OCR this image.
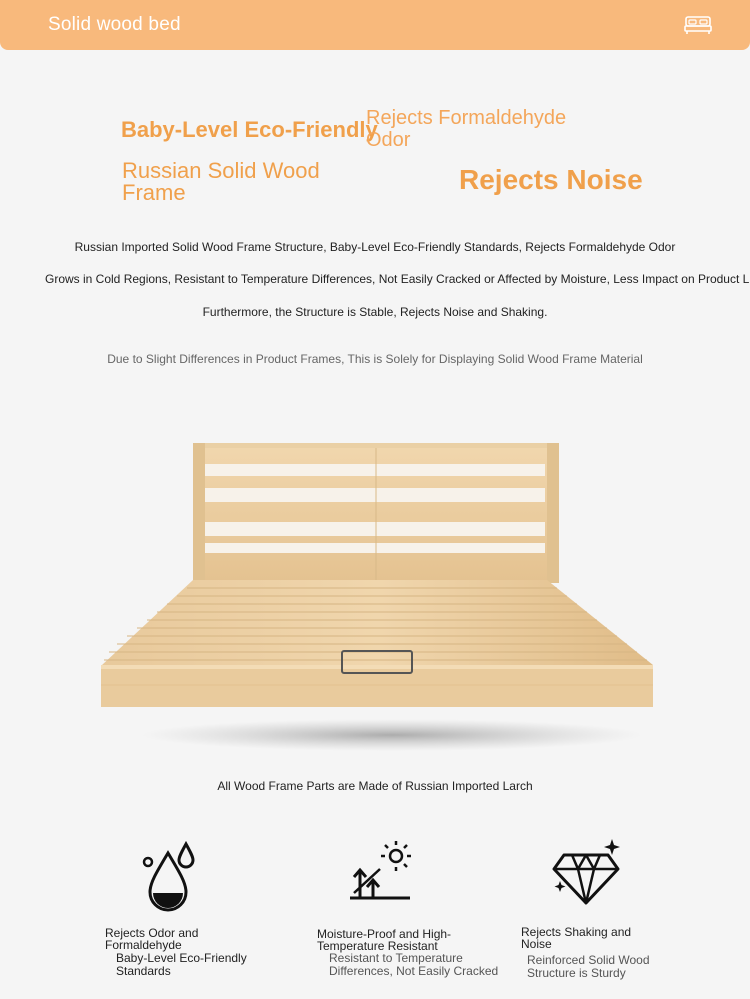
Solid wood bed
Baby-Level Eco-Friendly
Rejects Formaldehyde Odor
Russian Solid Wood Frame	Rejects Noise
Russian Imported Solid Wood Frame Structure, Baby-Level Eco-Friendly Standards, Rejects Formaldehyde Odor
Grows in Cold Regions, Resistant to Temperature Differences, Not Easily Cracked or Affected by Moisture, Less Impact on Product L
Furthermore, the Structure is Stable, Rejects Noise and Shaking.
Due to Slight Differences in Product Frames, This is Solely for Displaying Solid Wood Frame Material
All Wood Frame Parts are Made of Russian Imported Larch
Rejects Odor and Formaldehyde
Baby-Level Eco-Friendly Standards
Moisture-Proof and High-Temperature Resistant
Resistant to Temperature Differences, Not Easily Cracked
Rejects Shaking and Noise
Reinforced Solid Wood Structure is Sturdy
